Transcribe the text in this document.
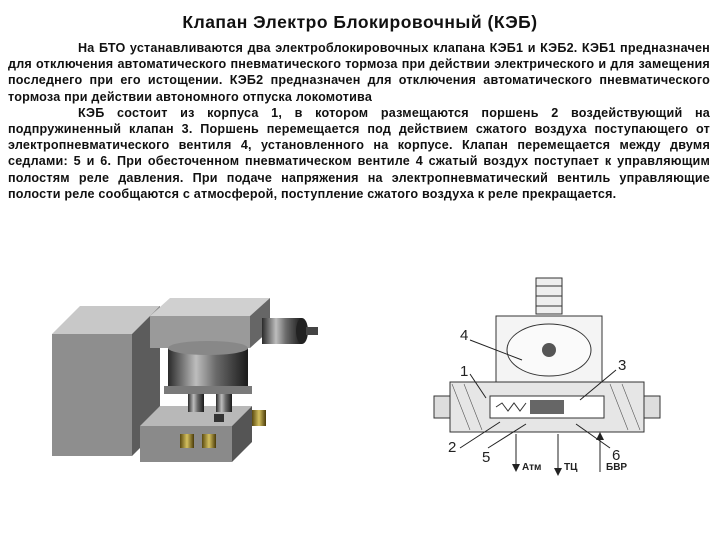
Клапан Электро Блокировочный (КЭБ)

На БТО устанавливаются два электроблокировочных клапана КЭБ1 и КЭБ2. КЭБ1 предназначен для отключения автоматического пневматического тормоза при действии электрического и для замещения последнего при его истощении. КЭБ2 предназначен для отключения автоматического пневматического тормоза при действии автономного отпуска локомотива

КЭБ состоит из корпуса 1, в котором размещаются поршень 2 воздействующий на подпружиненный клапан 3. Поршень перемещается под действием сжатого воздуха поступающего от электропневматического вентиля 4, установленного на корпусе. Клапан перемещается между двумя седлами: 5 и 6. При обесточенном пневматическом вентиле 4 сжатый воздух поступает к управляющим полостям реле давления. При подаче напряжения на электропневматический вентиль управляющие полости реле сообщаются с атмосферой, поступление сжатого воздуха к реле прекращается.

4
1	3
2
5	6
Атм ТЦ	БВР
